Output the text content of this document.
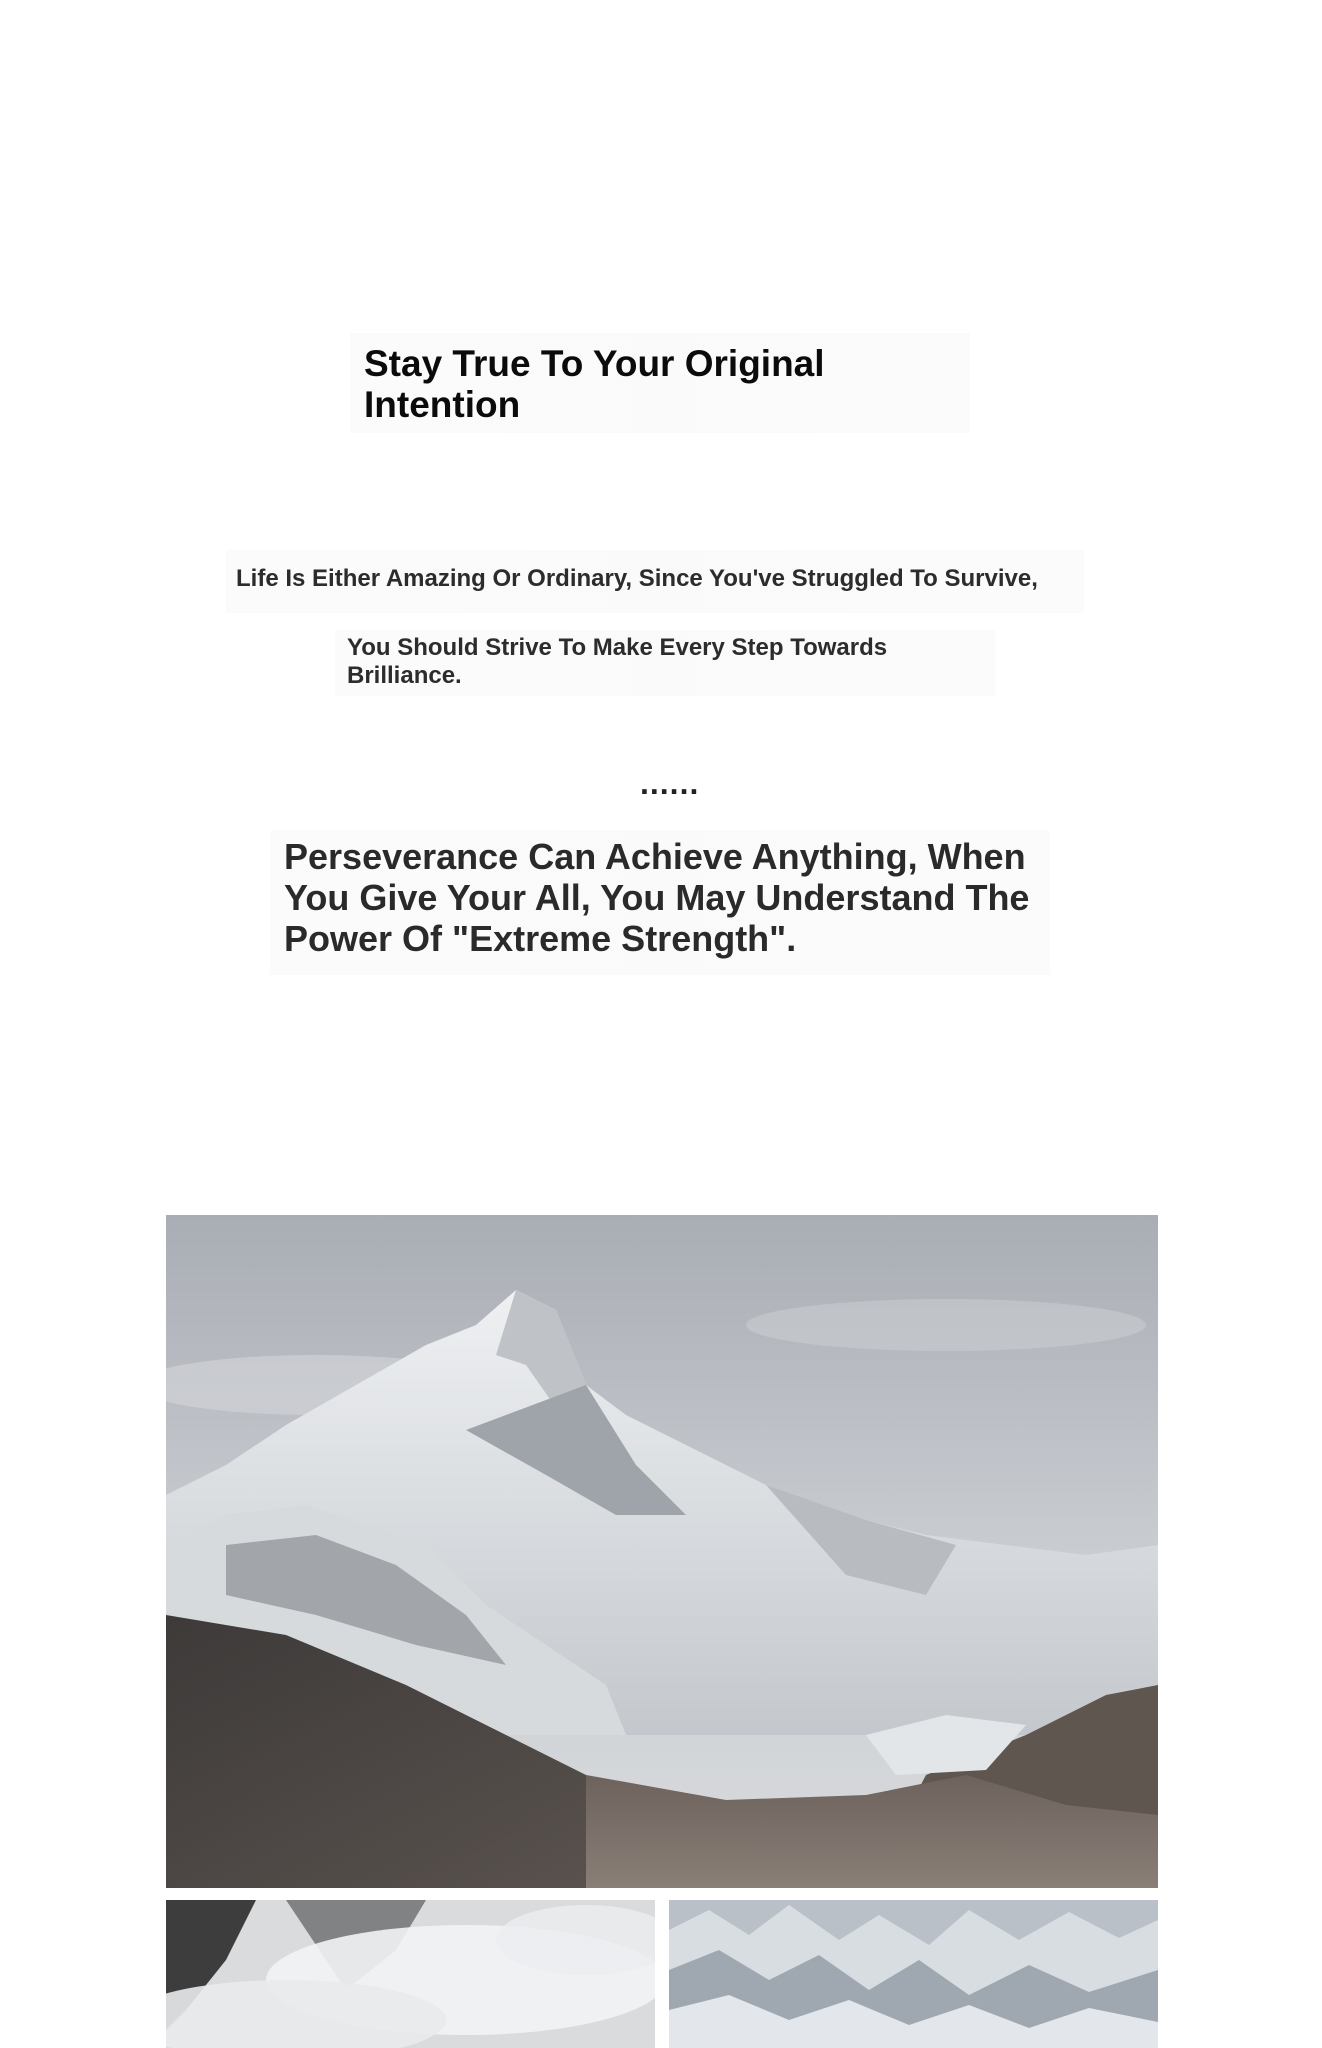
Stay True To Your Original Intention
Life Is Either Amazing Or Ordinary, Since You've Struggled To Survive,
You Should Strive To Make Every Step Towards Brilliance.
......
Perseverance Can Achieve Anything, When You Give Your All, You May Understand The Power Of "Extreme Strength".
